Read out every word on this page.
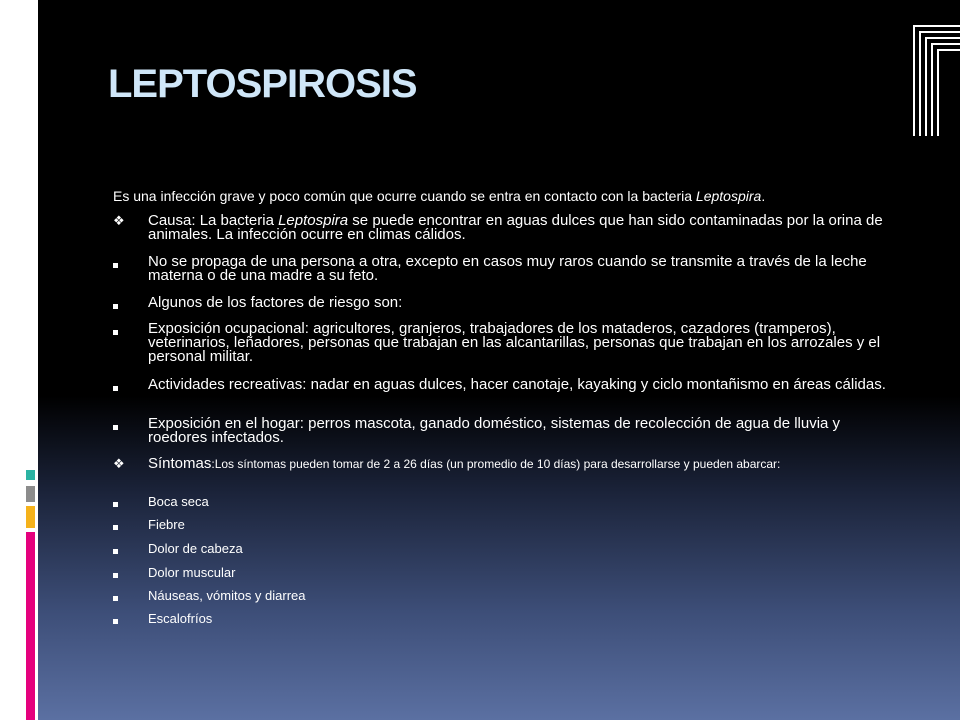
LEPTOSPIROSIS
Es una infección grave y poco común que ocurre cuando se entra en contacto con la bacteria Leptospira.
❖ Causa: La bacteria Leptospira se puede encontrar en aguas dulces que han sido contaminadas por la orina de animales. La infección ocurre en climas cálidos.
No se propaga de una persona a otra, excepto en casos muy raros cuando se transmite a través de la leche materna o de una madre a su feto.
Algunos de los factores de riesgo son:
Exposición ocupacional: agricultores, granjeros, trabajadores de los mataderos, cazadores (tramperos), veterinarios, leñadores, personas que trabajan en las alcantarillas, personas que trabajan en los arrozales y el personal militar.
Actividades recreativas: nadar en aguas dulces, hacer canotaje, kayaking y ciclo montañismo en áreas cálidas.
Exposición en el hogar: perros mascota, ganado doméstico, sistemas de recolección de agua de lluvia y roedores infectados.
❖ Síntomas:Los síntomas pueden tomar de 2 a 26 días (un promedio de 10 días) para desarrollarse y pueden abarcar:
Boca seca
Fiebre
Dolor de cabeza
Dolor muscular
Náuseas, vómitos y diarrea
Escalofríos
